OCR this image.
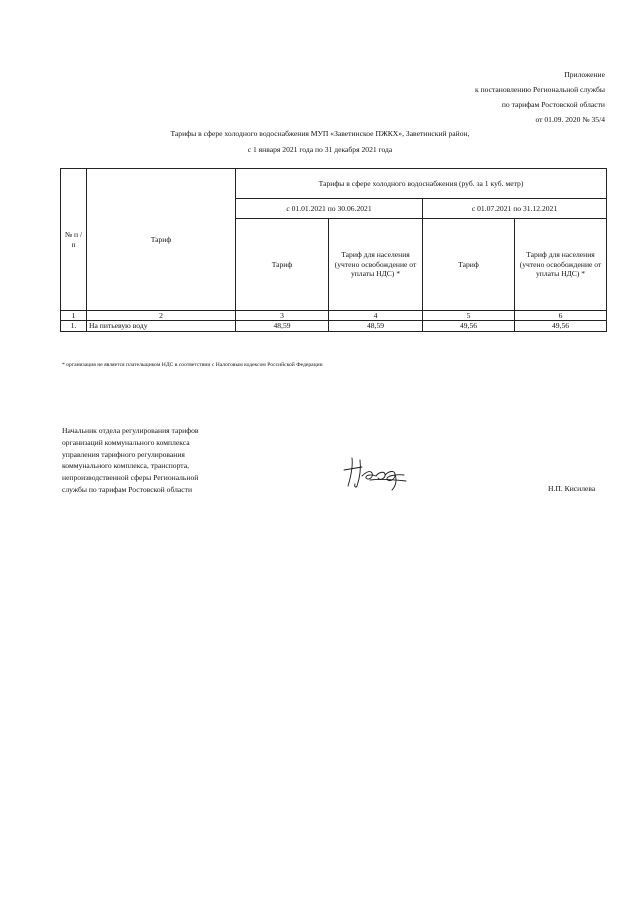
Приложение
к постановлению Региональной службы
по тарифам Ростовской области
от 01.09. 2020 № 35/4
Тарифы в сфере холодного водоснабжения МУП «Заветинское ПЖКХ», Заветинский район,
с 1 января 2021 года по 31 декабря 2021 года
№ п /п	Тариф	Тарифы в сфере холодного водоснабжения (руб. за 1 куб. метр)			
		с 01.01.2021 по 30.06.2021		с 01.07.2021 по 31.12.2021	
		Тариф	Тариф для населения (учтено освобождение от уплаты НДС) *	Тариф	Тариф для населения (учтено освобождение от уплаты НДС) *
1	2	3	4	5	6
1.	На питьевую воду	48,59	48,59	49,56	49,56
* организация не является плательщиком НДС в соответствии с Налоговым кодексом Российской Федерации
Начальник отдела регулирования тарифов
организаций коммунального комплекса
управления тарифного регулирования
коммунального комплекса, транспорта,
непроизводственной сферы Региональной
службы по тарифам Ростовской области	Н.П. Кисилева
